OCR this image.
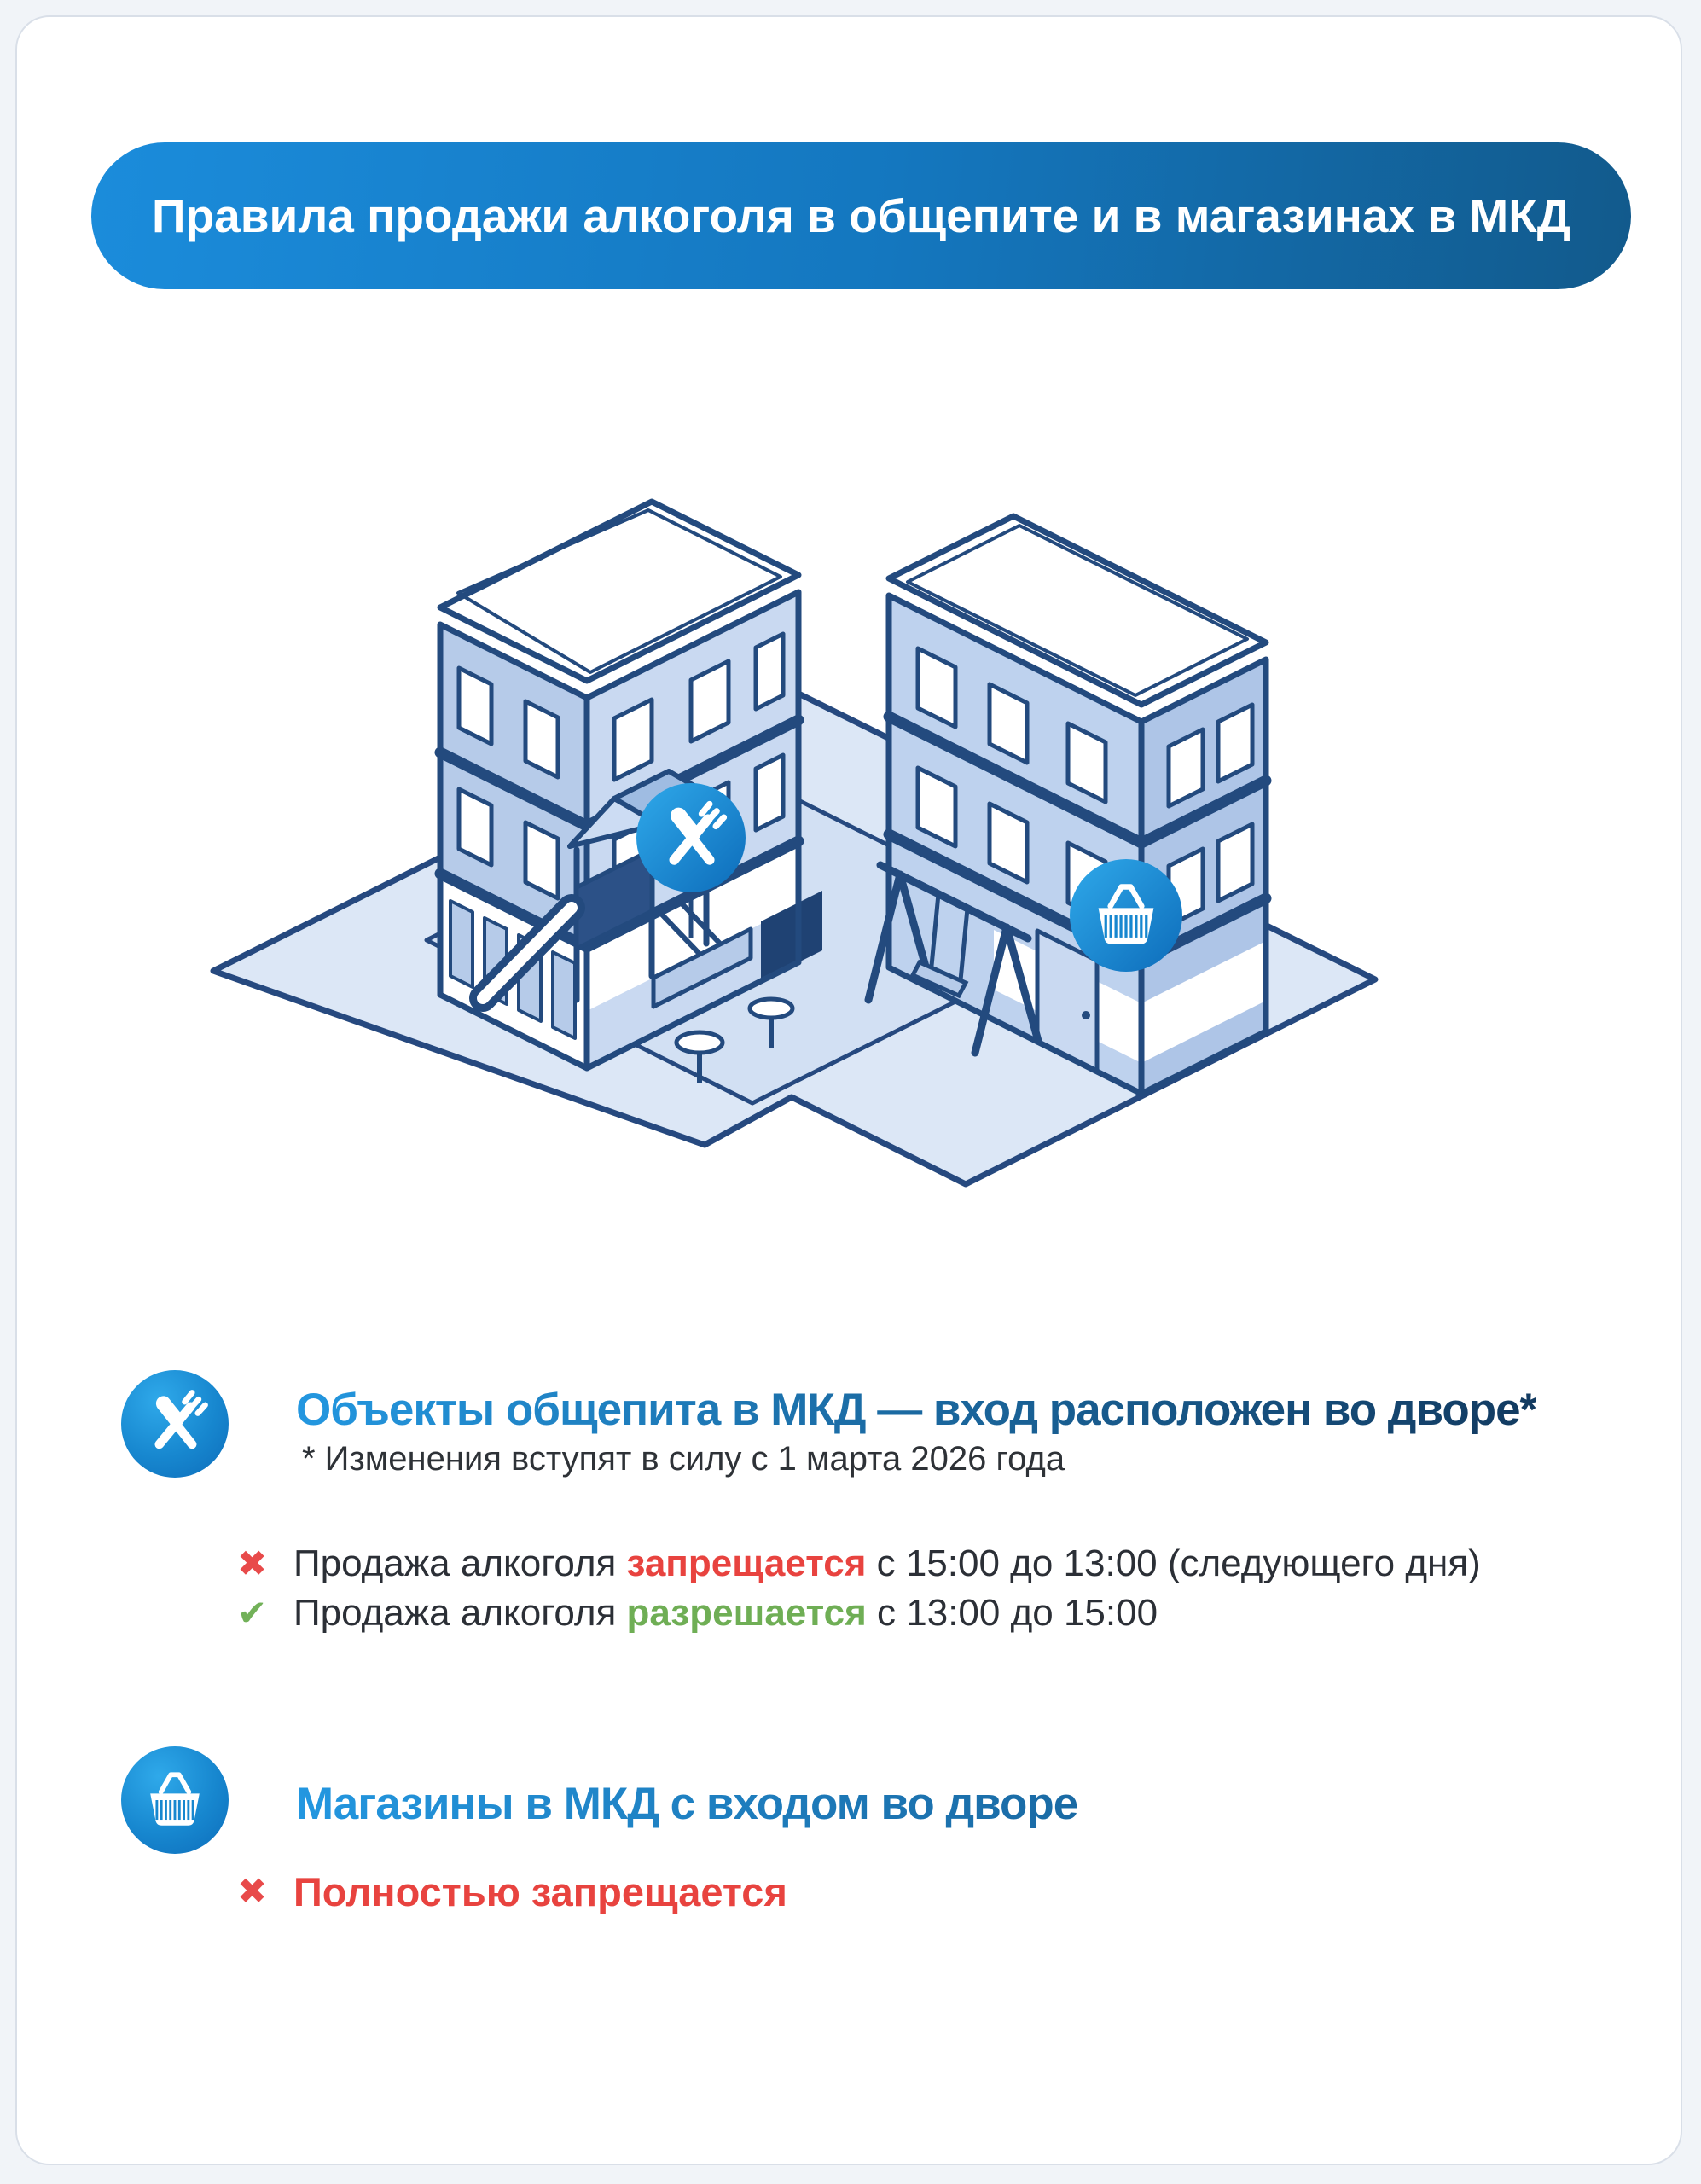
Правила продажи алкоголя в общепите и в магазинах в МКД
Объекты общепита в МКД — вход расположен во дворе*
* Изменения вступят в силу с 1 марта 2026 года
✖ Продажа алкоголя запрещается с 15:00 до 13:00 (следующего дня)
✔ Продажа алкоголя разрешается с 13:00 до 15:00
Магазины в МКД с входом во дворе
✖ Полностью запрещается
